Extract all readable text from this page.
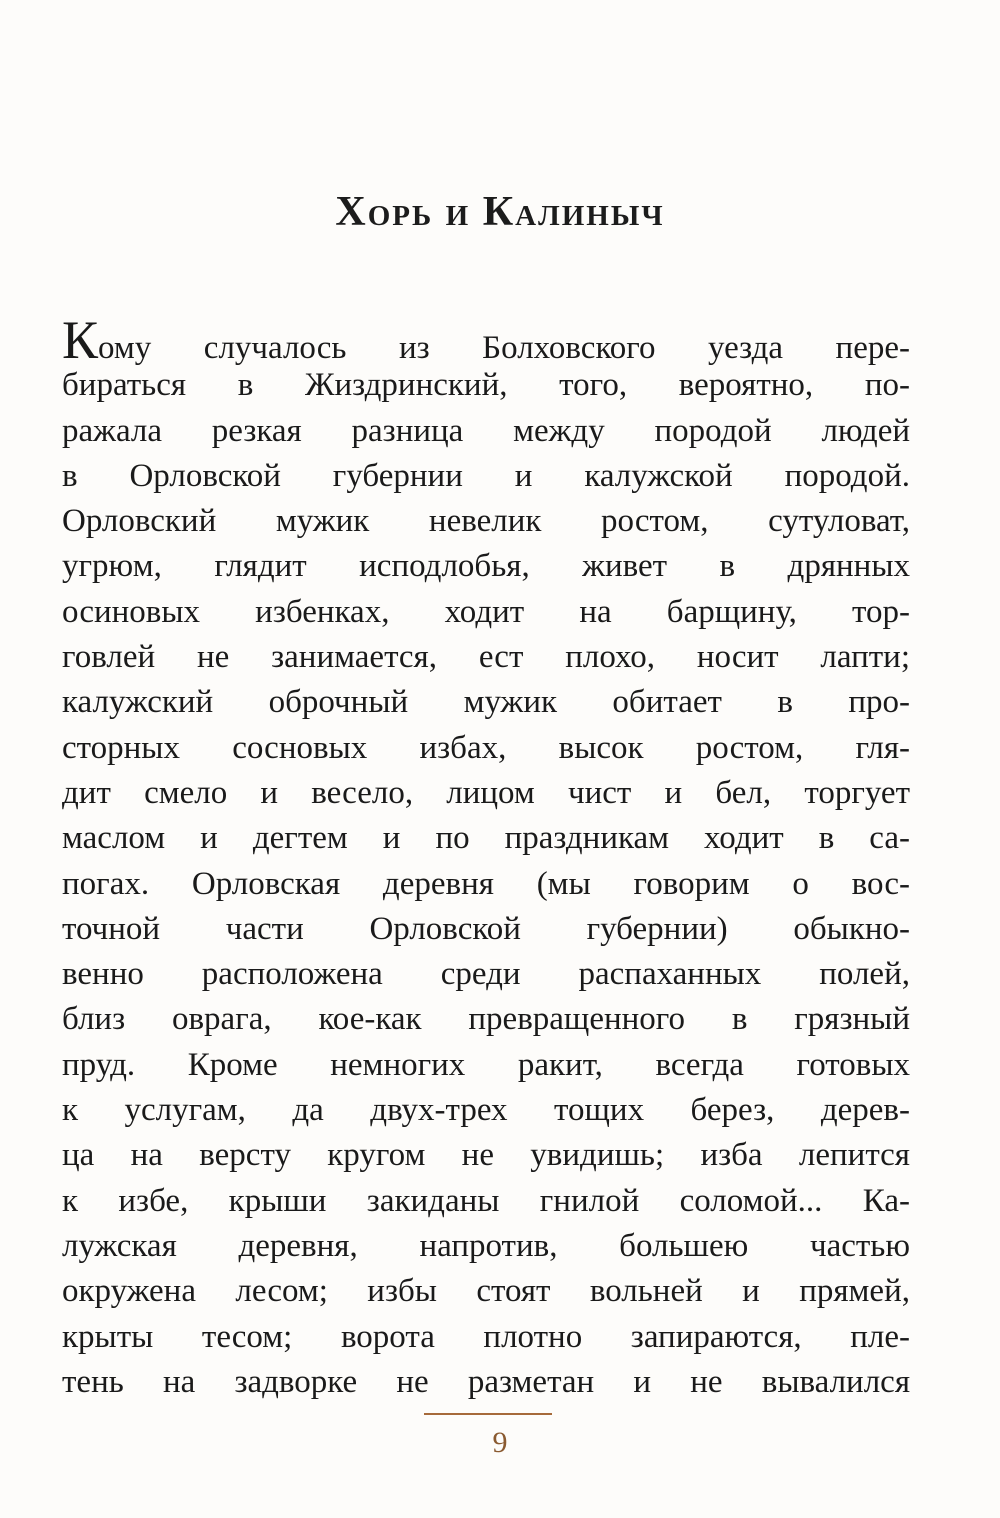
Хорь и Калиныч
Кому случалось из Болховского уезда пере-
бираться в Жиздринский, того, вероятно, по-
ражала резкая разница между породой людей
в Орловской губернии и калужской породой.
Орловский мужик невелик ростом, сутуловат,
угрюм, глядит исподлобья, живет в дрянных
осиновых избенках, ходит на барщину, тор-
говлей не занимается, ест плохо, носит лапти;
калужский оброчный мужик обитает в про-
сторных сосновых избах, высок ростом, гля-
дит смело и весело, лицом чист и бел, торгует
маслом и дегтем и по праздникам ходит в са-
погах. Орловская деревня (мы говорим о вос-
точной части Орловской губернии) обыкно-
венно расположена среди распаханных полей,
близ оврага, кое-как превращенного в грязный
пруд. Кроме немногих ракит, всегда готовых
к услугам, да двух-трех тощих берез, дерев-
ца на версту кругом не увидишь; изба лепится
к избе, крыши закиданы гнилой соломой... Ка-
лужская деревня, напротив, большею частью
окружена лесом; избы стоят вольней и прямей,
крыты тесом; ворота плотно запираются, пле-
тень на задворке не разметан и не вывалился
9
